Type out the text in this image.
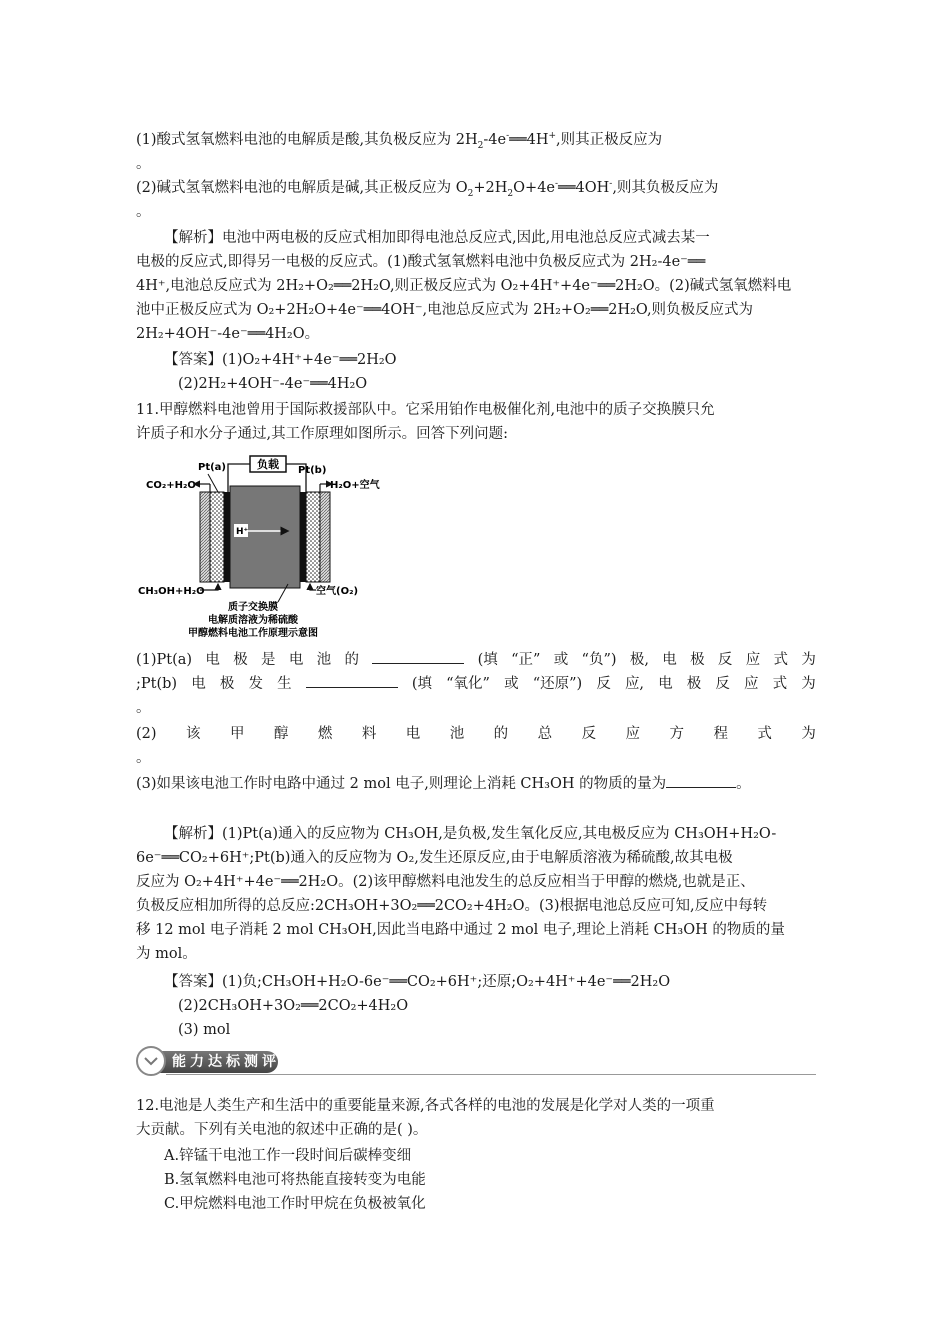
(1)酸式氢氧燃料电池的电解质是酸,其负极反应为 $2H_2-4e^-══4H^+$,则其正极反应为
。
(2)碱式氢氧燃料电池的电解质是碱,其正极反应为 $O_2+2H_2O+4e^-══4OH^-$,则其负极反应为
。
【解析】电池中两电极的反应式相加即得电池总反应式,因此,用电池总反应式减去某一
电极的反应式,即得另一电极的反应式。(1)酸式氢氧燃料电池中负极反应式为 2H₂-4e⁻══
4H⁺,电池总反应式为 2H₂+O₂══2H₂O,则正极反应式为 O₂+4H⁺+4e⁻══2H₂O。(2)碱式氢氧燃料电
池中正极反应式为 O₂+2H₂O+4e⁻══4OH⁻,电池总反应式为 2H₂+O₂══2H₂O,则负极反应式为
2H₂+4OH⁻-4e⁻══4H₂O。
【答案】(1)O₂+4H⁺+4e⁻══2H₂O
(2)2H₂+4OH⁻-4e⁻══4H₂O
11.甲醇燃料电池曾用于国际救援部队中。它采用铂作电极催化剂,电池中的质子交换膜只允
许质子和水分子通过,其工作原理如图所示。回答下列问题:
负载
Pt(a)	Pt(b)
H⁺
CO₂+H₂O	H₂O+空气
CH₃OH+H₂O	空气(O₂)
质子交换膜
电解质溶液为稀硫酸
甲醇燃料电池工作原理示意图
(1)Pt(a) 电 极 是 电 池 的	(填 “正” 或 “负”) 极, 电 极 反 应 式 为
;Pt(b) 电 极 发 生	(填 “氧化” 或 “还原”) 反 应, 电 极 反 应 式 为
。
(2) 该 甲 醇 燃 料 电 池 的 总 反 应 方 程 式 为
。
(3)如果该电池工作时电路中通过 2 mol 电子,则理论上消耗 CH₃OH 的物质的量为	。
【解析】(1)Pt(a)通入的反应物为 CH₃OH,是负极,发生氧化反应,其电极反应为 CH₃OH+H₂O-
6e⁻══CO₂+6H⁺;Pt(b)通入的反应物为 O₂,发生还原反应,由于电解质溶液为稀硫酸,故其电极
反应为 O₂+4H⁺+4e⁻══2H₂O。(2)该甲醇燃料电池发生的总反应相当于甲醇的燃烧,也就是正、
负极反应相加所得的总反应:2CH₃OH+3O₂══2CO₂+4H₂O。(3)根据电池总反应可知,反应中每转
移 12 mol 电子消耗 2 mol CH₃OH,因此当电路中通过 2 mol 电子,理论上消耗 CH₃OH 的物质的量
为 mol。
【答案】(1)负;CH₃OH+H₂O-6e⁻══CO₂+6H⁺;还原;O₂+4H⁺+4e⁻══2H₂O
(2)2CH₃OH+3O₂══2CO₂+4H₂O
(3) mol
能力达标测评
12.电池是人类生产和生活中的重要能量来源,各式各样的电池的发展是化学对人类的一项重
大贡献。下列有关电池的叙述中正确的是( )。
A.锌锰干电池工作一段时间后碳棒变细
B.氢氧燃料电池可将热能直接转变为电能
C.甲烷燃料电池工作时甲烷在负极被氧化
